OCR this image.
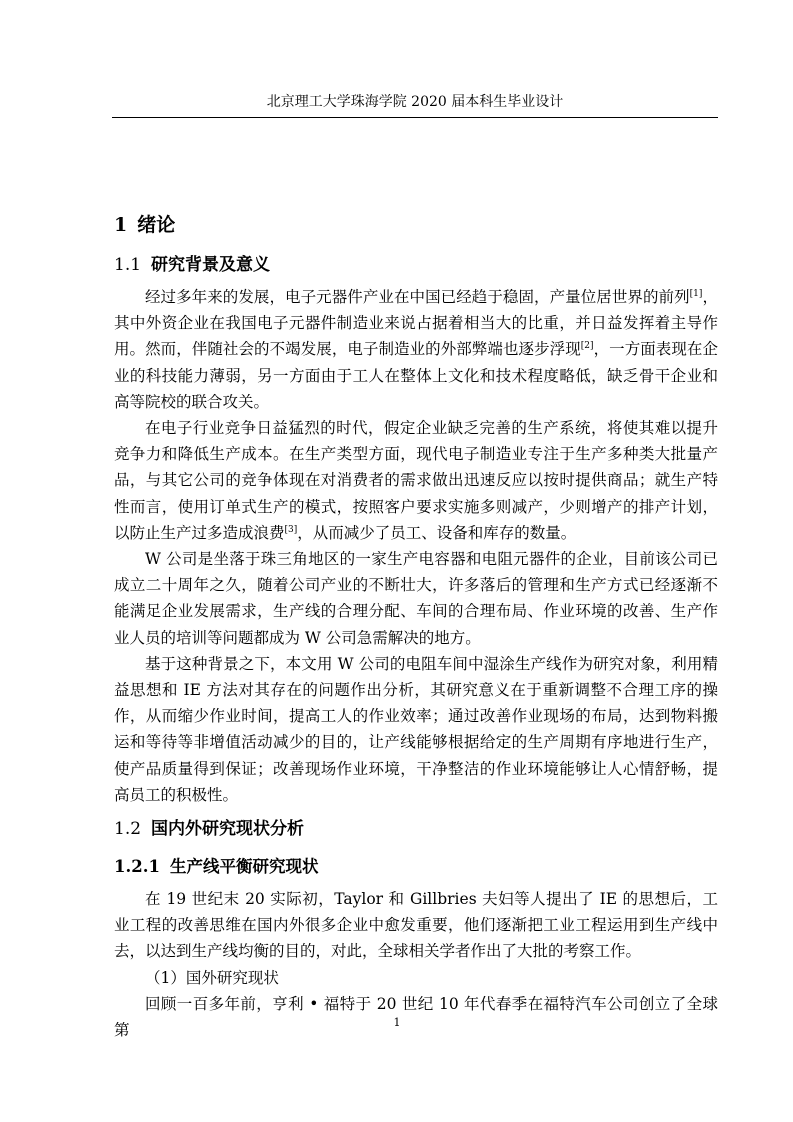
北京理工大学珠海学院 2020 届本科生毕业设计
1 绪论
1.1 研究背景及意义

经过多年来的发展，电子元器件产业在中国已经趋于稳固，产量位居世界的前列[1]，其中外资企业在我国电子元器件制造业来说占据着相当大的比重，并日益发挥着主导作用。然而，伴随社会的不竭发展，电子制造业的外部弊端也逐步浮现[2]，一方面表现在企业的科技能力薄弱，另一方面由于工人在整体上文化和技术程度略低，缺乏骨干企业和高等院校的联合攻关。

在电子行业竞争日益猛烈的时代，假定企业缺乏完善的生产系统，将使其难以提升竞争力和降低生产成本。在生产类型方面，现代电子制造业专注于生产多种类大批量产品，与其它公司的竞争体现在对消费者的需求做出迅速反应以按时提供商品；就生产特性而言，使用订单式生产的模式，按照客户要求实施多则减产，少则增产的排产计划，以防止生产过多造成浪费[3]，从而减少了员工、设备和库存的数量。

W 公司是坐落于珠三角地区的一家生产电容器和电阻元器件的企业，目前该公司已成立二十周年之久，随着公司产业的不断壮大，许多落后的管理和生产方式已经逐渐不能满足企业发展需求，生产线的合理分配、车间的合理布局、作业环境的改善、生产作业人员的培训等问题都成为 W 公司急需解决的地方。

基于这种背景之下，本文用 W 公司的电阻车间中湿涂生产线作为研究对象，利用精益思想和 IE 方法对其存在的问题作出分析，其研究意义在于重新调整不合理工序的操作，从而缩少作业时间，提高工人的作业效率；通过改善作业现场的布局，达到物料搬运和等待等非增值活动减少的目的，让产线能够根据给定的生产周期有序地进行生产，使产品质量得到保证；改善现场作业环境，干净整洁的作业环境能够让人心情舒畅，提高员工的积极性。

1.2 国内外研究现状分析
1.2.1 生产线平衡研究现状

在 19 世纪末 20 实际初，Taylor 和 Gillbries 夫妇等人提出了 IE 的思想后，工业工程的改善思维在国内外很多企业中愈发重要，他们逐渐把工业工程运用到生产线中去，以达到生产线均衡的目的，对此，全球相关学者作出了大批的考察工作。

（1）国外研究现状

回顾一百多年前，亨利 • 福特于 20 世纪 10 年代春季在福特汽车公司创立了全球第	1
